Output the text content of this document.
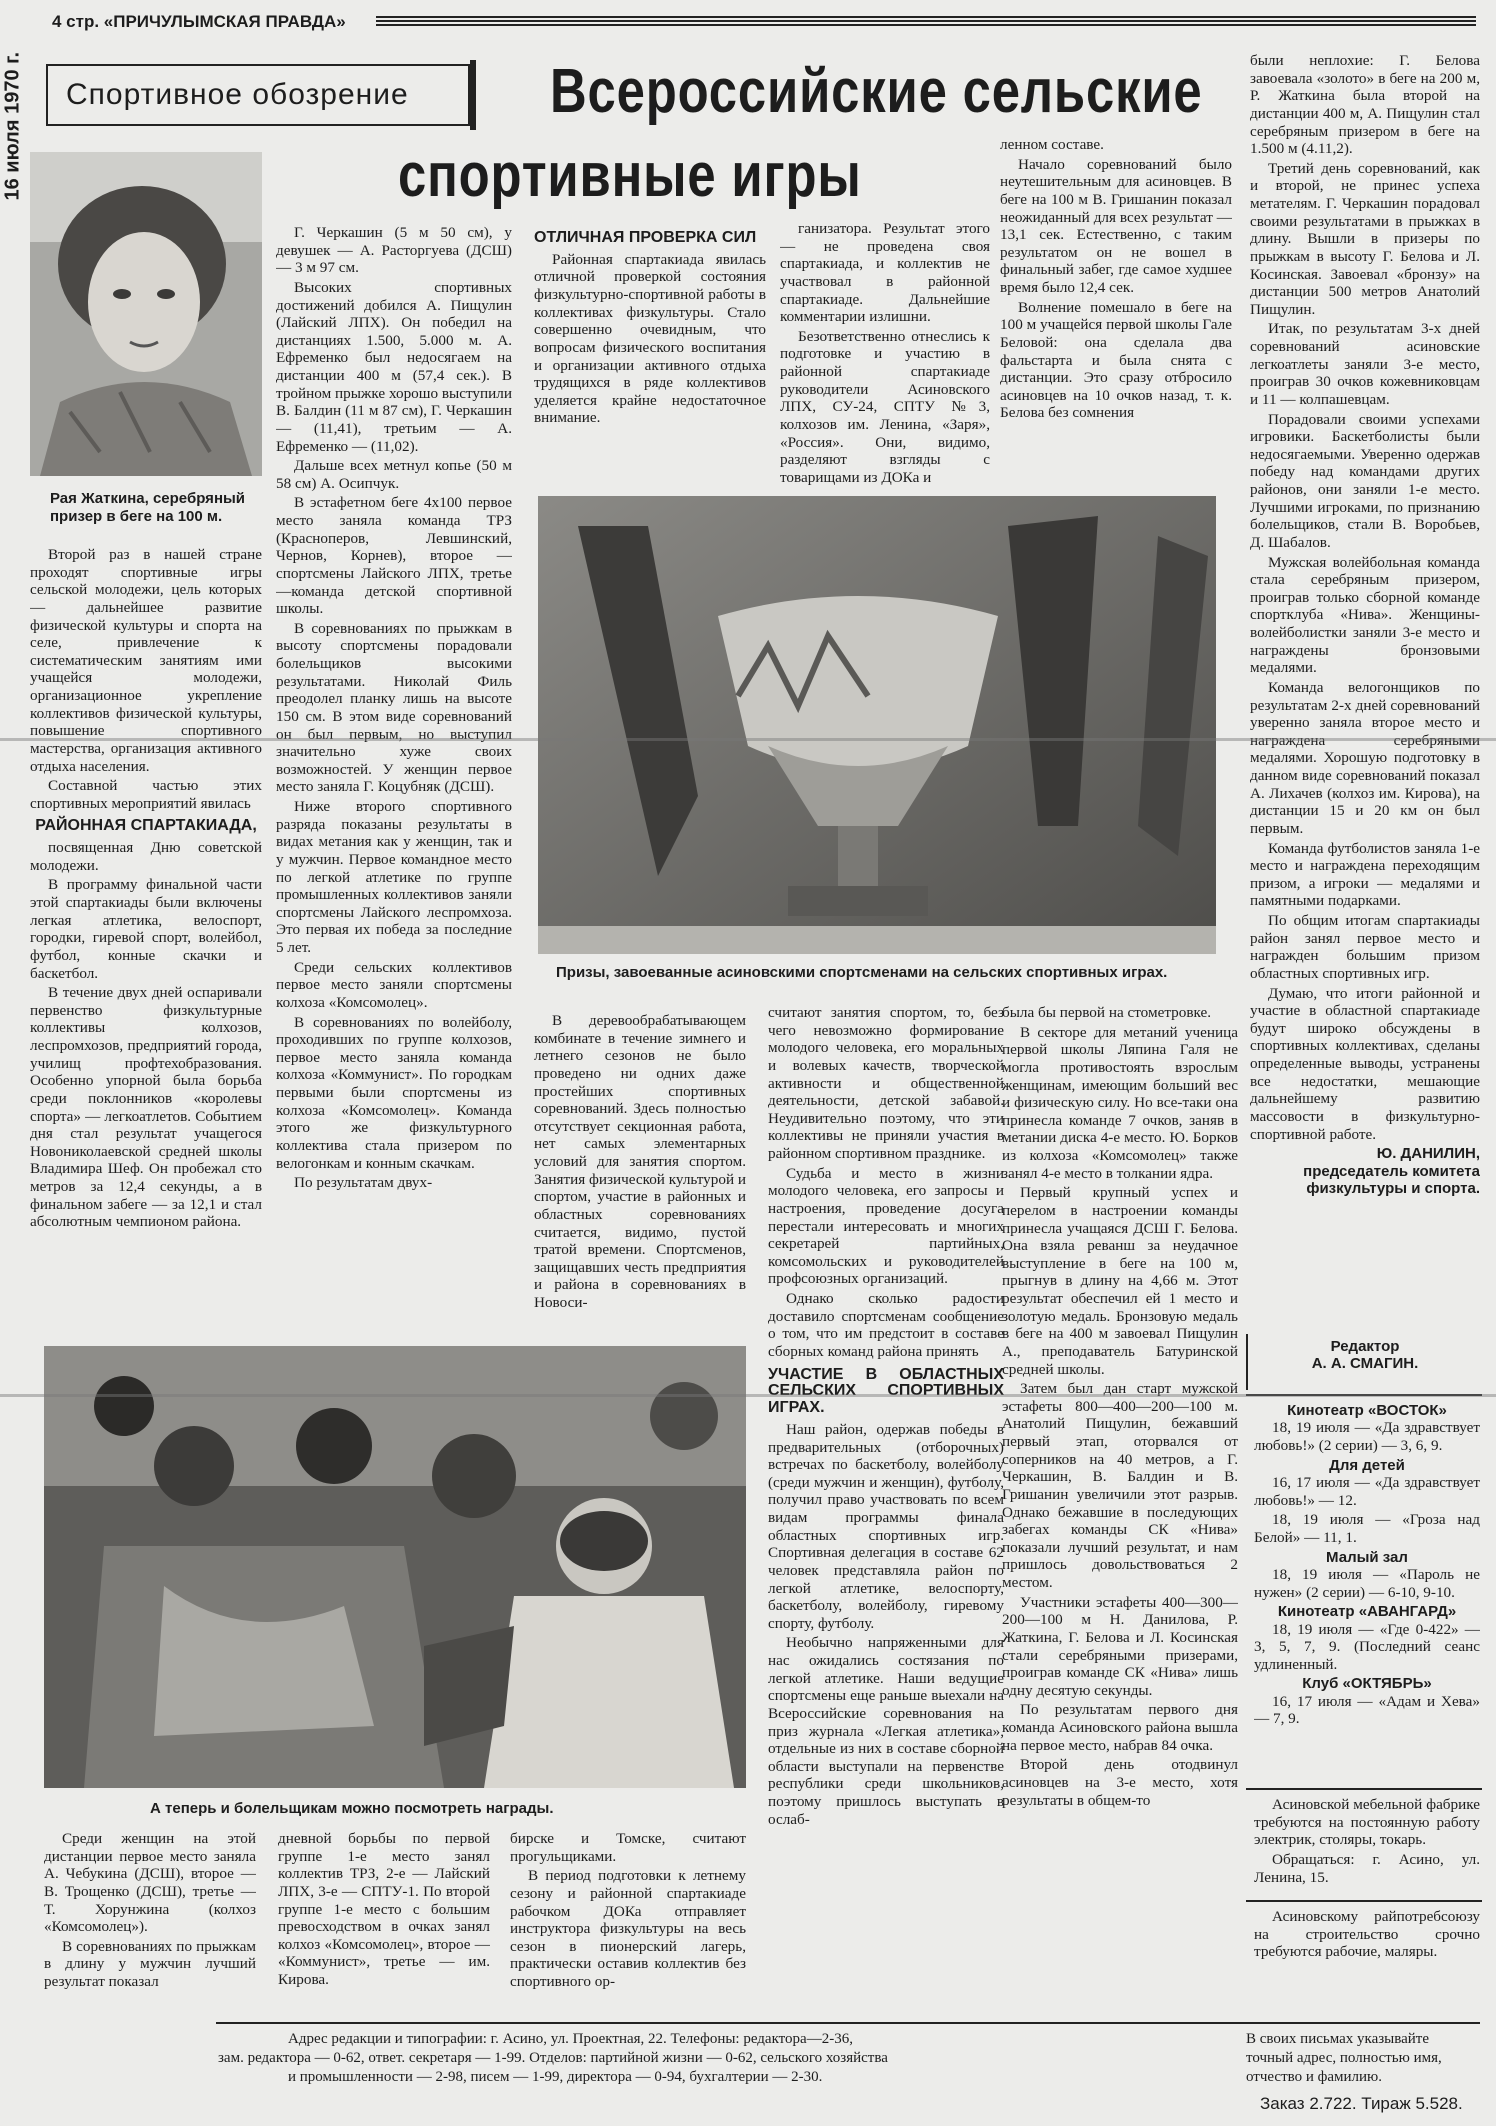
16 июля 1970 г.
4 стр. «ПРИЧУЛЫМСКАЯ ПРАВДА»
Спортивное обозрение Всероссийские сельские
спортивные игры
Рая Жаткина, серебряный призер в беге на 100 м.

Второй раз в нашей стране проходят спортивные игры сельской молодежи, цель которых — дальнейшее развитие физической культуры и спорта на селе, привлечение к систематическим занятиям ими учащейся молодежи, организационное укрепление коллективов физической культуры, повышение спортивного мастерства, организация активного отдыха населения.

Составной частью этих спортивных мероприятий явилась

РАЙОННАЯ СПАРТАКИАДА,

посвященная Дню советской молодежи.

В программу финальной части этой спартакиады были включены легкая атлетика, велоспорт, городки, гиревой спорт, волейбол, футбол, конные скачки и баскетбол.

В течение двух дней оспаривали первенство физкультурные коллективы колхозов, леспромхозов, предприятий города, училищ профтехобразования. Особенно упорной была борьба среди поклонников «королевы спорта» — легкоатлетов. Событием дня стал результат учащегося Новониколаевской средней школы Владимира Шеф. Он пробежал сто метров за 12,4 секунды, а в финальном забеге — за 12,1 и стал абсолютным чемпионом района.

Г. Черкашин (5 м 50 см), у девушек — А. Расторгуева (ДСШ) — 3 м 97 см.

Высоких спортивных достижений добился А. Пищулин (Лайский ЛПХ). Он победил на дистанциях 1.500, 5.000 м. А. Ефременко был недосягаем на дистанции 400 м (57,4 сек.). В тройном прыжке хорошо выступили В. Балдин (11 м 87 см), Г. Черкашин — (11,41), третьим — А. Ефременко — (11,02).

Дальше всех метнул копье (50 м 58 см) А. Осипчук.

В эстафетном беге 4х100 первое место заняла команда ТРЗ (Красноперов, Левшинский, Чернов, Корнев), второе — спортсмены Лайского ЛПХ, третье—команда детской спортивной школы.

В соревнованиях по прыжкам в высоту спортсмены порадовали болельщиков высокими результатами. Николай Филь преодолел планку лишь на высоте 150 см. В этом виде соревнований он был первым, но выступил значительно хуже своих возможностей. У женщин первое место заняла Г. Коцубняк (ДСШ).

Ниже второго спортивного разряда показаны результаты в видах метания как у женщин, так и у мужчин. Первое командное место по легкой атлетике по группе промышленных коллективов заняли спортсмены Лайского леспромхоза. Это первая их победа за последние 5 лет.

Среди сельских коллективов первое место заняли спортсмены колхоза «Комсомолец».

В соревнованиях по волейболу, проходивших по группе колхозов, первое место заняла команда колхоза «Коммунист». По городкам первыми были спортсмены из колхоза «Комсомолец». Команда этого же физкультурного коллектива стала призером по велогонкам и конным скачкам.

По результатам двух-

ОТЛИЧНАЯ ПРОВЕРКА СИЛ

Районная спартакиада явилась отличной проверкой состояния физкультурно-спортивной работы в коллективах физкультуры. Стало совершенно очевидным, что вопросам физического воспитания и организации активного отдыха трудящихся в ряде коллективов уделяется крайне недостаточное внимание.

ганизатора. Результат этого — не проведена своя спартакиада, и коллектив не участвовал в районной спартакиаде. Дальнейшие комментарии излишни.

Безответственно отнеслись к подготовке и участию в районной спартакиаде руководители Асиновского ЛПХ, СУ-24, СПТУ №3, колхозов им. Ленина, «Заря», «Россия». Они, видимо, разделяют взгляды с товарищами из ДОКа и

ленном составе.

Начало соревнований было неутешительным для асиновцев. В беге на 100 м В. Гришанин показал неожиданный для всех результат — 13,1 сек. Естественно, с таким результатом он не вошел в финальный забег, где самое худшее время было 12,4 сек.

Волнение помешало в беге на 100 м учащейся первой школы Гале Беловой: она сделала два фальстарта и была снята с дистанции. Это сразу отбросило асиновцев на 10 очков назад, т. к. Белова без сомнения

были неплохие: Г. Белова завоевала «золото» в беге на 200 м, Р. Жаткина была второй на дистанции 400 м, А. Пищулин стал серебряным призером в беге на 1.500 м (4.11,2).

Третий день соревнований, как и второй, не принес успеха метателям. Г. Черкашин порадовал своими результатами в прыжках в длину. Вышли в призеры по прыжкам в высоту Г. Белова и Л. Косинская. Завоевал «бронзу» на дистанции 500 метров Анатолий Пищулин.

Итак, по результатам 3-х дней соревнований асиновские легкоатлеты заняли 3-е место, проиграв 30 очков кожевниковцам и 11 — колпашевцам.

Порадовали своими успехами игровики. Баскетболисты были недосягаемыми. Уверенно одержав победу над командами других районов, они заняли 1-е место. Лучшими игроками, по признанию болельщиков, стали В. Воробьев, Д. Шабалов.

Мужская волейбольная команда стала серебряным призером, проиграв только сборной команде спортклуба «Нива». Женщины-волейболистки заняли 3-е место и награждены бронзовыми медалями.

Команда велогонщиков по результатам 2-х дней соревнований уверенно заняла второе место и награждена серебряными медалями. Хорошую подготовку в данном виде соревнований показал А. Лихачев (колхоз им. Кирова), на дистанции 15 и 20 км он был первым.

Команда футболистов заняла 1-е место и награждена переходящим призом, а игроки — медалями и памятными подарками.

По общим итогам спартакиады район занял первое место и награжден большим призом областных спортивных игр.

Думаю, что итоги районной и участие в областной спартакиаде будут широко обсуждены в спортивных коллективах, сделаны определенные выводы, устранены все недостатки, мешающие дальнейшему развитию массовости в физкультурно-спортивной работе.

Ю. ДАНИЛИН,
председатель комитета физкультуры и спорта.
Призы, завоеванные асиновскими спортсменами на сельских спортивных играх.

В деревообрабатывающем комбинате в течение зимнего и летнего сезонов не было проведено ни одних даже простейших спортивных соревнований. Здесь полностью отсутствует секционная работа, нет самых элементарных условий для занятия спортом. Занятия физической культурой и спортом, участие в районных и областных соревнованиях считается, видимо, пустой тратой времени. Спортсменов, защищавших честь предприятия и района в соревнованиях в Новоси-

считают занятия спортом, то, без чего невозможно формирование молодого человека, его моральных и волевых качеств, творческой активности и общественной деятельности, детской забавой. Неудивительно поэтому, что эти коллективы не приняли участия в районном спортивном празднике.

Судьба и место в жизни молодого человека, его запросы и настроения, проведение досуга перестали интересовать и многих секретарей партийных, комсомольских и руководителей профсоюзных организаций.

Однако сколько радости доставило спортсменам сообщение о том, что им предстоит в составе сборных команд района принять

УЧАСТИЕ В ОБЛАСТНЫХ СЕЛЬСКИХ СПОРТИВНЫХ ИГРАХ.

Наш район, одержав победы в предварительных (отборочных) встречах по баскетболу, волейболу (среди мужчин и женщин), футболу, получил право участвовать по всем видам программы финала областных спортивных игр. Спортивная делегация в составе 62 человек представляла район по легкой атлетике, велоспорту, баскетболу, волейболу, гиревому спорту, футболу.

Необычно напряженными для нас ожидались состязания по легкой атлетике. Наши ведущие спортсмены еще раньше выехали на Всероссийские соревнования на приз журнала «Легкая атлетика», отдельные из них в составе сборной области выступали на первенстве республики среди школьников, поэтому пришлось выступать в ослаб-

была бы первой на стометровке.

В секторе для метаний ученица первой школы Ляпина Галя не могла противостоять взрослым женщинам, имеющим больший вес и физическую силу. Но все-таки она принесла команде 7 очков, заняв в метании диска 4-е место. Ю. Борков из колхоза «Комсомолец» также занял 4-е место в толкании ядра.

Первый крупный успех и перелом в настроении команды принесла учащаяся ДСШ Г. Белова. Она взяла реванш за неудачное выступление в беге на 100 м, прыгнув в длину на 4,66 м. Этот результат обеспечил ей 1 место и золотую медаль. Бронзовую медаль в беге на 400 м завоевал Пищулин А., преподаватель Батуринской средней школы.

Затем был дан старт мужской эстафеты 800—400—200—100 м. Анатолий Пищулин, бежавший первый этап, оторвался от соперников на 40 метров, а Г. Черкашин, В. Балдин и В. Гришанин увеличили этот разрыв. Однако бежавшие в последующих забегах команды СК «Нива» показали лучший результат, и нам пришлось довольствоваться 2 местом.

Участники эстафеты 400—300—200—100 м Н. Данилова, Р. Жаткина, Г. Белова и Л. Косинская стали серебряными призерами, проиграв команде СК «Нива» лишь одну десятую секунды.

По результатам первого дня команда Асиновского района вышла на первое место, набрав 84 очка.

Второй день отодвинул асиновцев на 3-е место, хотя результаты в общем-то

А теперь и болельщикам можно посмотреть награды.

Среди женщин на этой дистанции первое место заняла А. Чебукина (ДСШ), второе — В. Трощенко (ДСШ), третье — Т. Хорунжина (колхоз «Комсомолец»).

В соревнованиях по прыжкам в длину у мужчин лучший результат показал

дневной борьбы по первой группе 1-е место занял коллектив ТРЗ, 2-е — Лайский ЛПХ, 3-е — СПТУ-1. По второй группе 1-е место с большим превосходством в очках занял колхоз «Комсомолец», второе — «Коммунист», третье — им. Кирова.

бирске и Томске, считают прогульщиками.

В период подготовки к летнему сезону и районной спартакиаде рабочком ДОКа отправляет инструктора физкультуры на весь сезон в пионерский лагерь, практически оставив коллектив без спортивного ор-

Редактор
А. А. СМАГИН.
Кинотеатр «ВОСТОК»

18, 19 июля — «Да здравствует любовь!» (2 серии) — 3, 6, 9.

Для детей

16, 17 июля — «Да здравствует любовь!» — 12.

18, 19 июля — «Гроза над Белой» — 11, 1.

Малый зал

18, 19 июля — «Пароль не нужен» (2 серии) — 6-10, 9-10.

Кинотеатр «АВАНГАРД»

18, 19 июля — «Где 0-422» — 3, 5, 7, 9. (Последний сеанс удлиненный.

Клуб «ОКТЯБРЬ»

16, 17 июля — «Адам и Хева» — 7, 9.

Асиновской мебельной фабрике требуются на постоянную работу электрик, столяры, токарь.

Обращаться: г. Асино, ул. Ленина, 15.

Асиновскому райпотребсоюзу на строительство срочно требуются рабочие, маляры.

Адрес редакции и типографии: г. Асино, ул. Проектная, 22. Телефоны: редактора—2-36,
зам. редактора — 0-62, ответ. секретаря — 1-99. Отделов: партийной жизни — 0-62, сельского хозяйства
и промышленности — 2-98, писем — 1-99, директора — 0-94, бухгалтерии — 2-30.
В своих письмах указывайте точный адрес, полностью имя, отчество и фамилию.
Заказ 2.722. Тираж 5.528.
